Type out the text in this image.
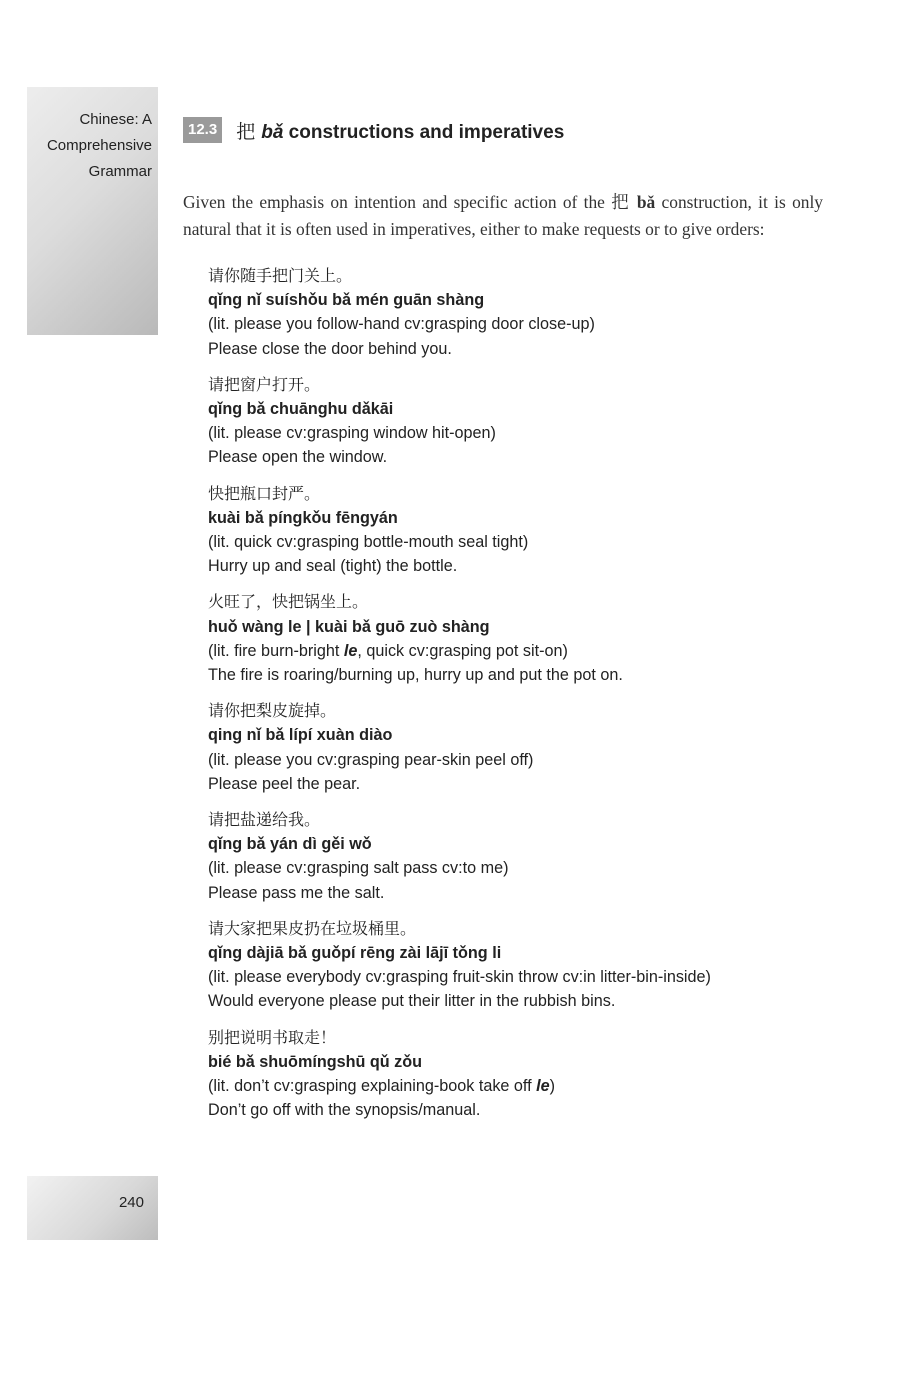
Chinese: A
Comprehensive
Grammar
240
12.3 把 bǎ constructions and imperatives

Given the emphasis on intention and specific action of the 把 bǎ construction, it is only natural that it is often used in imperatives, either to make requests or to give orders:

请你随手把门关上。
qǐng nǐ suíshǒu bǎ mén guān shàng
(lit. please you follow-hand cv:grasping door close-up)
Please close the door behind you.
请把窗户打开。
qǐng bǎ chuānghu dǎkāi
(lit. please cv:grasping window hit-open)
Please open the window.
快把瓶口封严。
kuài bǎ píngkǒu fēngyán
(lit. quick cv:grasping bottle-mouth seal tight)
Hurry up and seal (tight) the bottle.
火旺了，快把锅坐上。
huǒ wàng le | kuài bǎ guō zuò shàng
(lit. fire burn-bright le, quick cv:grasping pot sit-on)
The fire is roaring/burning up, hurry up and put the pot on.
请你把梨皮旋掉。
qing nǐ bǎ lípí xuàn diào
(lit. please you cv:grasping pear-skin peel off)
Please peel the pear.
请把盐递给我。
qǐng bǎ yán dì gěi wǒ
(lit. please cv:grasping salt pass cv:to me)
Please pass me the salt.
请大家把果皮扔在垃圾桶里。
qǐng dàjiā bǎ guǒpí rēng zài lājī tǒng li
(lit. please everybody cv:grasping fruit-skin throw cv:in litter-bin-inside)
Would everyone please put their litter in the rubbish bins.
别把说明书取走！
bié bǎ shuōmíngshū qǔ zǒu
(lit. don’t cv:grasping explaining-book take off le)
Don’t go off with the synopsis/manual.
